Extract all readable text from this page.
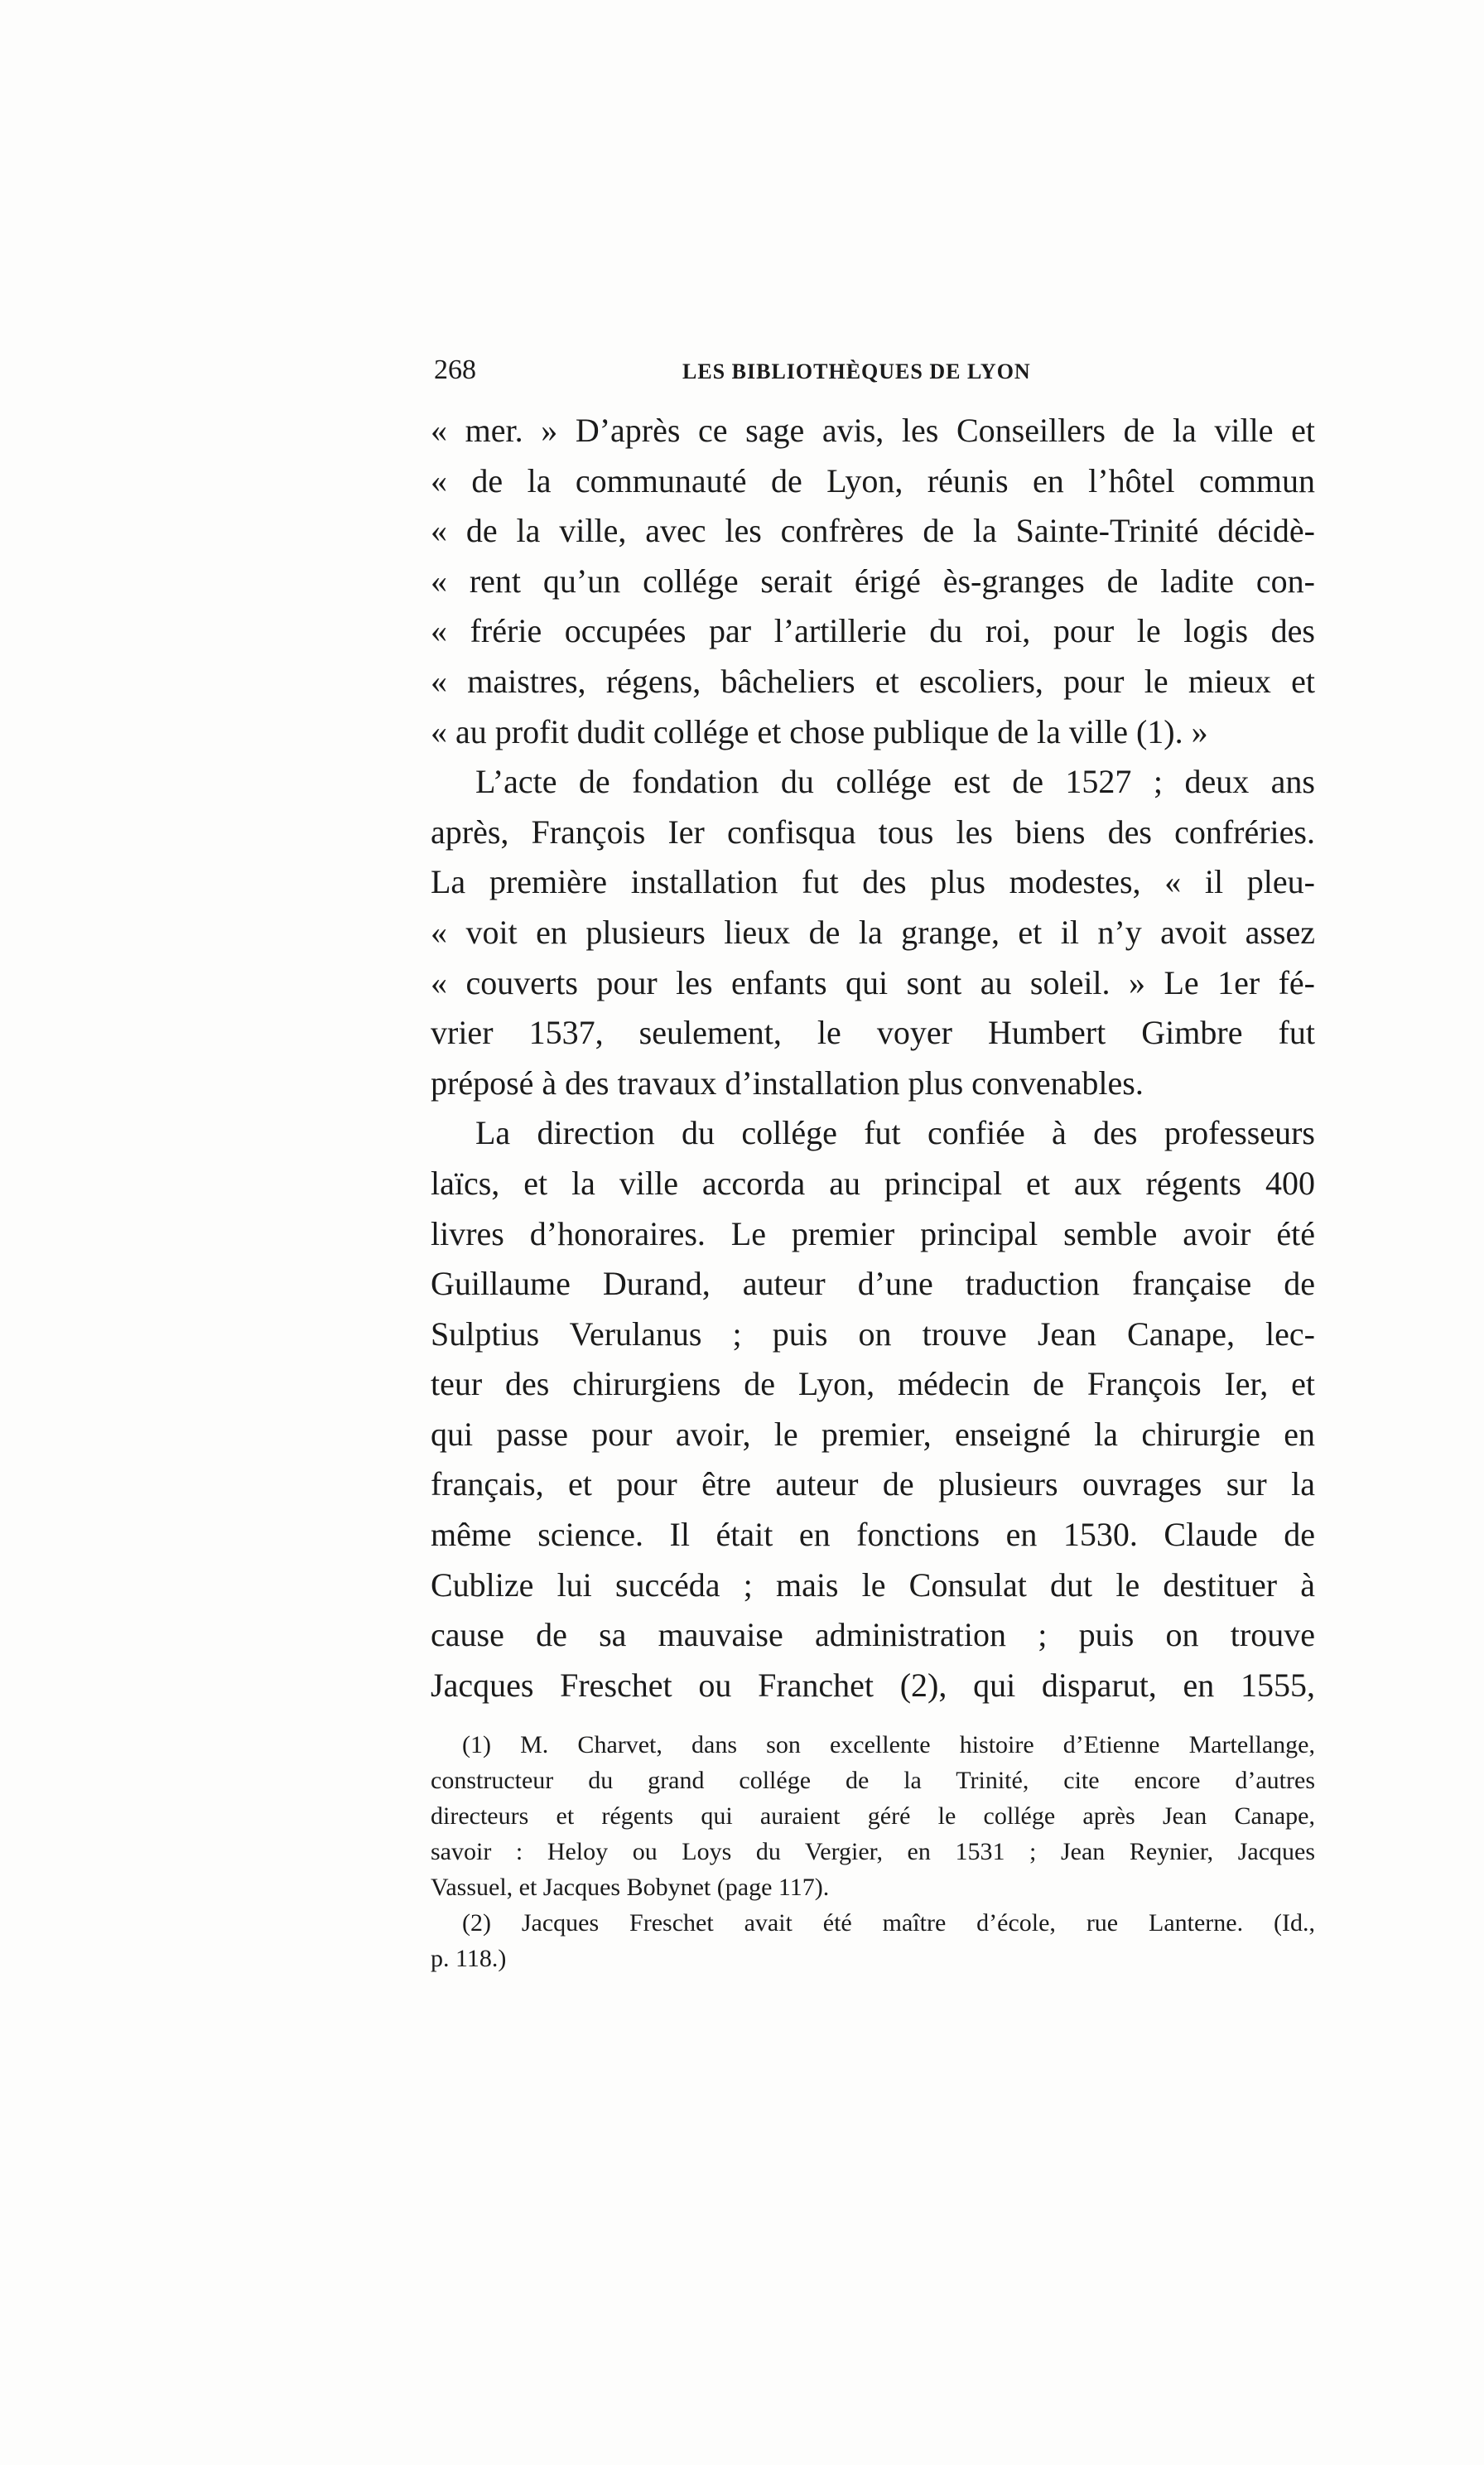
268	LES BIBLIOTHÈQUES DE LYON
« mer. » D’après ce sage avis, les Conseillers de la ville et
« de la communauté de Lyon, réunis en l’hôtel commun
« de la ville, avec les confrères de la Sainte-Trinité décidè-
« rent qu’un collége serait érigé ès-granges de ladite con-
« frérie occupées par l’artillerie du roi, pour le logis des
« maistres, régens, bâcheliers et escoliers, pour le mieux et
« au profit dudit collége et chose publique de la ville (1). »
L’acte de fondation du collége est de 1527 ; deux ans
après, François Ier confisqua tous les biens des confréries.
La première installation fut des plus modestes, « il pleu-
« voit en plusieurs lieux de la grange, et il n’y avoit assez
« couverts pour les enfants qui sont au soleil. » Le 1er fé-
vrier 1537, seulement, le voyer Humbert Gimbre fut
préposé à des travaux d’installation plus convenables.
La direction du collége fut confiée à des professeurs
laïcs, et la ville accorda au principal et aux régents 400
livres d’honoraires. Le premier principal semble avoir été
Guillaume Durand, auteur d’une traduction française de
Sulptius Verulanus ; puis on trouve Jean Canape, lec-
teur des chirurgiens de Lyon, médecin de François Ier, et
qui passe pour avoir, le premier, enseigné la chirurgie en
français, et pour être auteur de plusieurs ouvrages sur la
même science. Il était en fonctions en 1530. Claude de
Cublize lui succéda ; mais le Consulat dut le destituer à
cause de sa mauvaise administration ; puis on trouve
Jacques Freschet ou Franchet (2), qui disparut, en 1555,
(1) M. Charvet, dans son excellente histoire d’Etienne Martellange,
constructeur du grand collége de la Trinité, cite encore d’autres
directeurs et régents qui auraient géré le collége après Jean Canape,
savoir : Heloy ou Loys du Vergier, en 1531 ; Jean Reynier, Jacques
Vassuel, et Jacques Bobynet (page 117).
(2) Jacques Freschet avait été maître d’école, rue Lanterne. (Id.,
p. 118.)
